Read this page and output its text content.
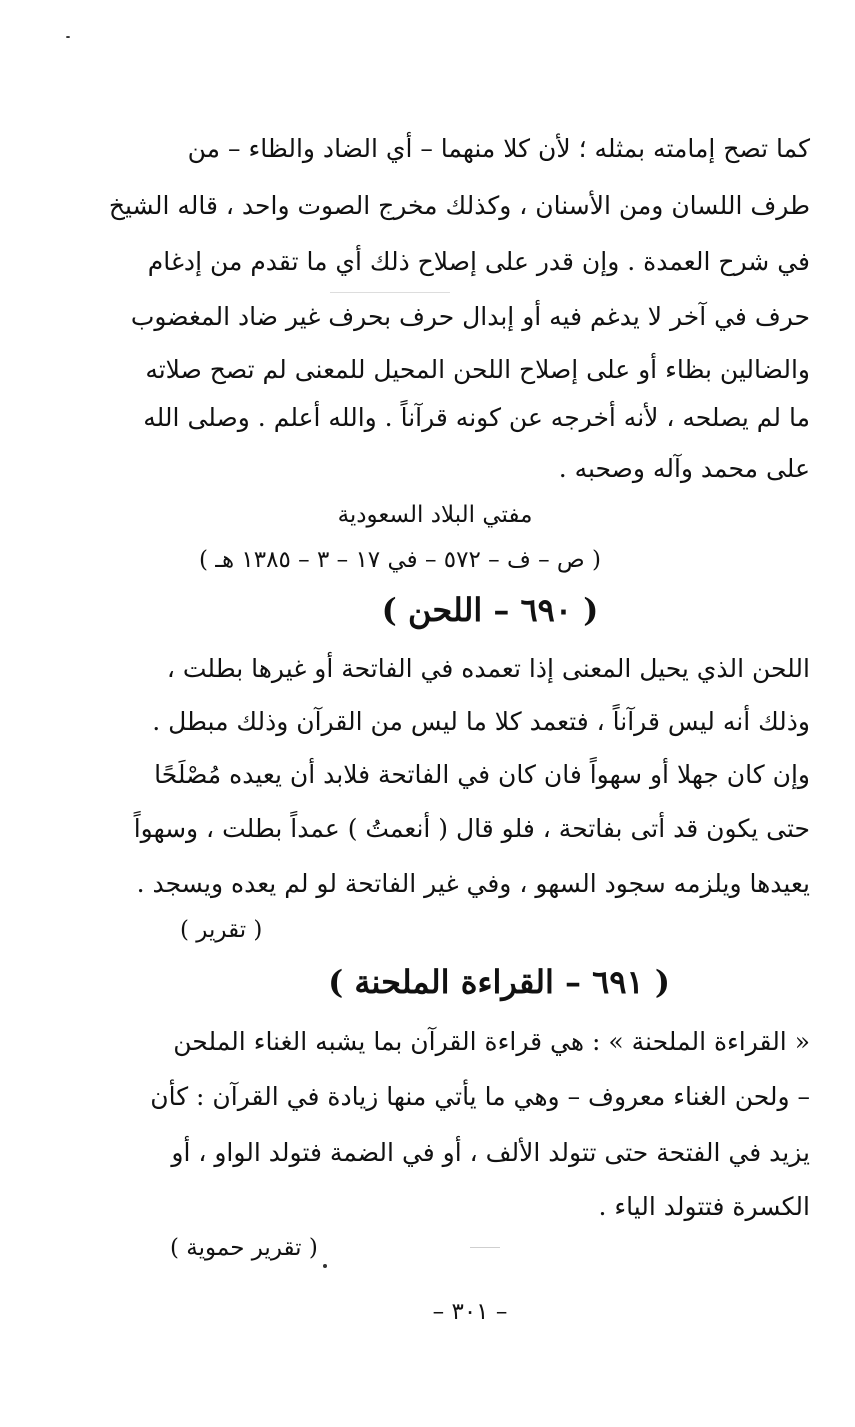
كما تصح إمامته بمثله ؛ لأن كلا منهما – أي الضاد والظاء – من
طرف اللسان ومن الأسنان ، وكذلك مخرج الصوت واحد ، قاله الشيخ
في شرح العمدة . وإن قدر على إصلاح ذلك أي ما تقدم من إدغام
حرف في آخر لا يدغم فيه أو إبدال حرف بحرف غير ضاد المغضوب
والضالين بظاء أو على إصلاح اللحن المحيل للمعنى لم تصح صلاته
ما لم يصلحه ، لأنه أخرجه عن كونه قرآناً . والله أعلم . وصلى الله
على محمد وآله وصحبه .
مفتي البلاد السعودية
( ص – ف – ٥٧٢ – في ١٧ – ٣ – ١٣٨٥ هـ )
( ٦٩٠ – اللحن )
اللحن الذي يحيل المعنى إذا تعمده في الفاتحة أو غيرها بطلت ،
وذلك أنه ليس قرآناً ، فتعمد كلا ما ليس من القرآن وذلك مبطل .
وإن كان جهلا أو سهواً فان كان في الفاتحة فلابد أن يعيده مُصْلَحًا
حتى يكون قد أتى بفاتحة ، فلو قال ( أنعمتُ ) عمداً بطلت ، وسهواً
يعيدها ويلزمه سجود السهو ، وفي غير الفاتحة لو لم يعده ويسجد .
( تقرير )
( ٦٩١ – القراءة الملحنة )
« القراءة الملحنة » : هي قراءة القرآن بما يشبه الغناء الملحن
– ولحن الغناء معروف – وهي ما يأتي منها زيادة في القرآن : كأن
يزيد في الفتحة حتى تتولد الألف ، أو في الضمة فتولد الواو ، أو
الكسرة فتتولد الياء .
( تقرير حموية )
– ٣٠١ –
